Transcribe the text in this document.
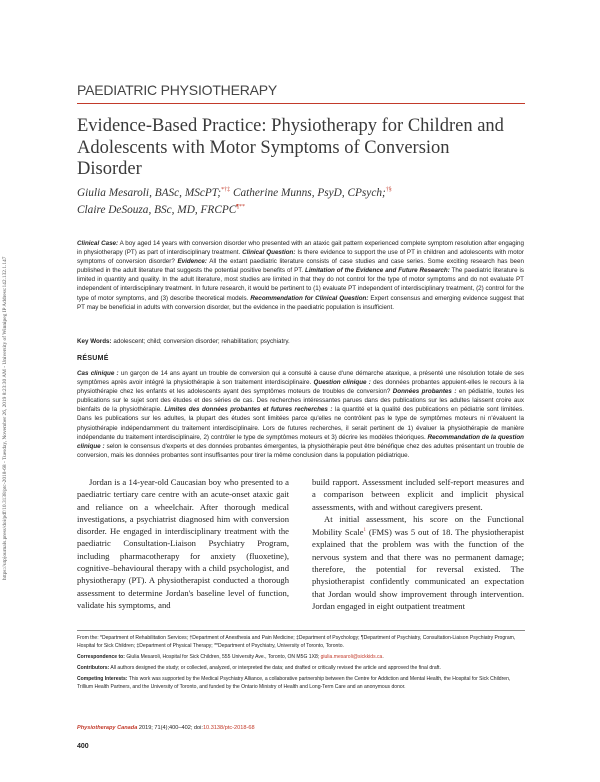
https://utpjournals.press/doi/pdf/10.3138/ptc-2018-68 - Tuesday, November 26, 2019 8:23:30 AM - University of Winnipeg IP Address:142.132.1.147
PAEDIATRIC PHYSIOTHERAPY
Evidence-Based Practice: Physiotherapy for Children and Adolescents with Motor Symptoms of Conversion Disorder
Giulia Mesaroli, BASc, MScPT;*†‡ Catherine Munns, PsyD, CPsych;†§
Claire DeSouza, BSc, MD, FRCPC¶**
Clinical Case: A boy aged 14 years with conversion disorder who presented with an ataxic gait pattern experienced complete symptom resolution after engaging in physiotherapy (PT) as part of interdisciplinary treatment. Clinical Question: Is there evidence to support the use of PT in children and adolescents with motor symptoms of conversion disorder? Evidence: All the extant paediatric literature consists of case studies and case series. Some exciting research has been published in the adult literature that suggests the potential positive benefits of PT. Limitation of the Evidence and Future Research: The paediatric literature is limited in quantity and quality. In the adult literature, most studies are limited in that they do not control for the type of motor symptoms and do not evaluate PT independent of interdisciplinary treatment. In future research, it would be pertinent to (1) evaluate PT independent of interdisciplinary treatment, (2) control for the type of motor symptoms, and (3) describe theoretical models. Recommendation for Clinical Question: Expert consensus and emerging evidence suggest that PT may be beneficial in adults with conversion disorder, but the evidence in the paediatric population is insufficient.
Key Words: adolescent; child; conversion disorder; rehabilitation; psychiatry.
RÉSUMÉ
Cas clinique : un garçon de 14 ans ayant un trouble de conversion qui a consulté à cause d'une démarche ataxique, a présenté une résolution totale de ses symptômes après avoir intégré la physiothérapie à son traitement interdisciplinaire. Question clinique : des données probantes appuient-elles le recours à la physiothérapie chez les enfants et les adolescents ayant des symptômes moteurs de troubles de conversion? Données probantes : en pédiatrie, toutes les publications sur le sujet sont des études et des séries de cas. Des recherches intéressantes parues dans des publications sur les adultes laissent croire aux bienfaits de la physiothérapie. Limites des données probantes et futures recherches : la quantité et la qualité des publications en pédiatrie sont limitées. Dans les publications sur les adultes, la plupart des études sont limitées parce qu'elles ne contrôlent pas le type de symptômes moteurs ni n'évaluent la physiothérapie indépendamment du traitement interdisciplinaire. Lors de futures recherches, il serait pertinent de 1) évaluer la physiothérapie de manière indépendante du traitement interdisciplinaire, 2) contrôler le type de symptômes moteurs et 3) décrire les modèles théoriques. Recommandation de la question clinique : selon le consensus d'experts et des données probantes émergentes, la physiothérapie peut être bénéfique chez des adultes présentant un trouble de conversion, mais les données probantes sont insuffisantes pour tirer la même conclusion dans la population pédiatrique.

Jordan is a 14-year-old Caucasian boy who presented to a paediatric tertiary care centre with an acute-onset ataxic gait and reliance on a wheelchair. After thorough medical investigations, a psychiatrist diagnosed him with conversion disorder. He engaged in interdisciplinary treatment with the paediatric Consultation-Liaison Psychiatry Program, including pharmacotherapy for anxiety (fluoxetine), cognitive–behavioural therapy with a child psychologist, and physiotherapy (PT). A physiotherapist conducted a thorough assessment to determine Jordan's baseline level of function, validate his symptoms, and

build rapport. Assessment included self-report measures and a comparison between explicit and implicit physical assessments, with and without caregivers present.

At initial assessment, his score on the Functional Mobility Scale$^1$ (FMS) was 5 out of 18. The physiotherapist explained that the problem was with the function of the nervous system and that there was no permanent damage; therefore, the potential for reversal existed. The physiotherapist confidently communicated an expectation that Jordan would show improvement through intervention. Jordan engaged in eight outpatient treatment

From the: *Department of Rehabilitation Services; †Department of Anesthesia and Pain Medicine; ‡Department of Psychology; ¶Department of Psychiatry, Consultation-Liaison Psychiatry Program, Hospital for Sick Children; ‡Department of Physical Therapy; **Department of Psychiatry, University of Toronto, Toronto.

Correspondence to: Giulia Mesaroli, Hospital for Sick Children, 555 University Ave., Toronto, ON M5G 1X8; giulia.mesaroli@sickkids.ca.

Contributors: All authors designed the study; or collected, analyzed, or interpreted the data; and drafted or critically revised the article and approved the final draft.

Competing Interests: This work was supported by the Medical Psychiatry Alliance, a collaborative partnership between the Centre for Addiction and Mental Health, the Hospital for Sick Children, Trillium Health Partners, and the University of Toronto, and funded by the Ontario Ministry of Health and Long-Term Care and an anonymous donor.

Physiotherapy Canada 2019; 71(4);400–402; doi:10.3138/ptc-2018-68
400
